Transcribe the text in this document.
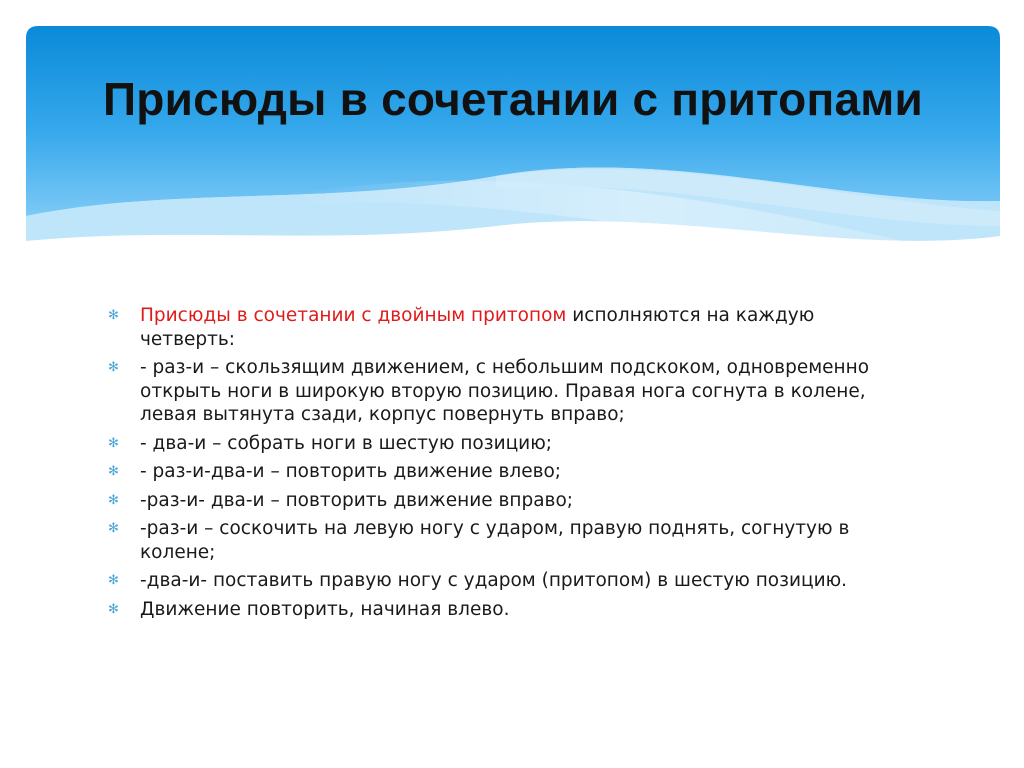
Присюды в сочетании с притопами
✻ Присюды в сочетании с двойным притопом исполняются на каждую четверть:
✻ - раз-и – скользящим движением, с небольшим подскоком, одновременно открыть ноги в широкую вторую позицию. Правая нога согнута в колене, левая вытянута сзади, корпус повернуть вправо;
✻ - два-и – собрать ноги в шестую позицию;
✻ - раз-и-два-и – повторить движение влево;
✻ -раз-и- два-и – повторить движение вправо;
✻ -раз-и – соскочить на левую ногу с ударом, правую поднять, согнутую в колене;
✻ -два-и- поставить правую ногу с ударом (притопом) в шестую позицию.
✻ Движение повторить, начиная влево.
